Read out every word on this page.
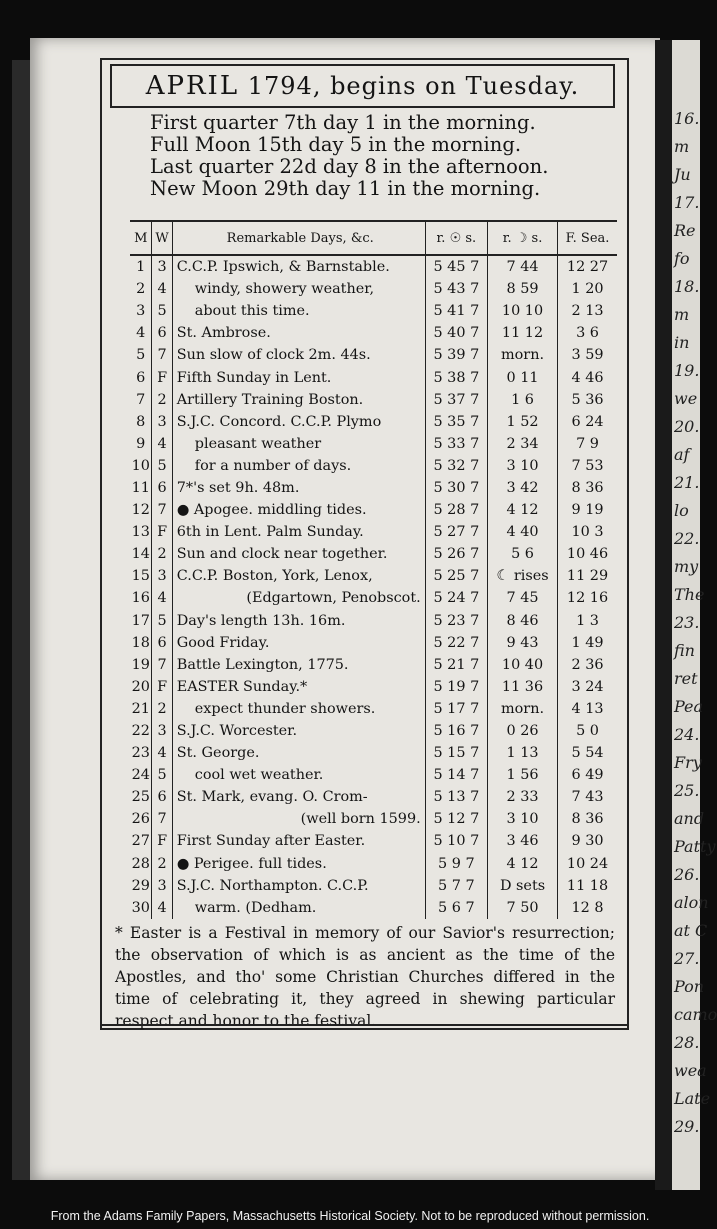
16.
m
Ju
17.
Re
fo
18.
m
in
19.
we
20.
af
21.
lo
22.
my
The
23.
fin
ret
Pea
24.
Fry
25.
and
Patty
26.
alon
at C
27.
Pon
camo
28.
wea
Late
29.
APRIL
1794, begins on Tuesday.
First quarter 7th day 1 in the morning.
Full Moon 15th day 5 in the morning.
Last quarter 22d day 8 in the afternoon.
New Moon 29th day 11 in the morning.
M	W	Remarkable Days, &c.	r. ☉ s.	r. ☽ s.	F. Sea.
1	3	C.C.P. Ipswich, & Barnstable.	5 45 7	7 44	12 27
2	4	windy, showery weather,	5 43 7	8 59	1 20
3	5	about this time.	5 41 7	10 10	2 13
4	6	St. Ambrose.	5 40 7	11 12	3 6
5	7	Sun slow of clock 2m. 44s.	5 39 7	morn.	3 59
6	F	Fifth Sunday in Lent.	5 38 7	0 11	4 46
7	2	Artillery Training Boston.	5 37 7	1 6	5 36
8	3	S.J.C. Concord. C.C.P. Plymo	5 35 7	1 52	6 24
9	4	pleasant weather	5 33 7	2 34	7 9
10	5	for a number of days.	5 32 7	3 10	7 53
11	6	7*'s set 9h. 48m.	5 30 7	3 42	8 36
12	7	● Apogee. middling tides.	5 28 7	4 12	9 19
13	F	6th in Lent. Palm Sunday.	5 27 7	4 40	10 3
14	2	Sun and clock near together.	5 26 7	5 6	10 46
15	3	C.C.P. Boston, York, Lenox,	5 25 7	☾ rises	11 29
16	4	(Edgartown, Penobscot.	5 24 7	7 45	12 16
17	5	Day's length 13h. 16m.	5 23 7	8 46	1 3
18	6	Good Friday.	5 22 7	9 43	1 49
19	7	Battle Lexington, 1775.	5 21 7	10 40	2 36
20	F	EASTER Sunday.*	5 19 7	11 36	3 24
21	2	expect thunder showers.	5 17 7	morn.	4 13
22	3	S.J.C. Worcester.	5 16 7	0 26	5 0
23	4	St. George.	5 15 7	1 13	5 54
24	5	cool wet weather.	5 14 7	1 56	6 49
25	6	St. Mark, evang. O. Crom-	5 13 7	2 33	7 43
26	7	(well born 1599.	5 12 7	3 10	8 36
27	F	First Sunday after Easter.	5 10 7	3 46	9 30
28	2	● Perigee. full tides.	5 9 7	4 12	10 24
29	3	S.J.C. Northampton. C.C.P.	5 7 7	D sets	11 18
30	4	warm. (Dedham.	5 6 7	7 50	12 8
* Easter is a Festival in memory of our Savior's resurrection; the observation of which is as ancient as the time of the Apostles, and tho' some Christian Churches differed in the time of celebrating it, they agreed in shewing particular respect and honor to the festival.
From the Adams Family Papers, Massachusetts Historical Society. Not to be reproduced without permission.
